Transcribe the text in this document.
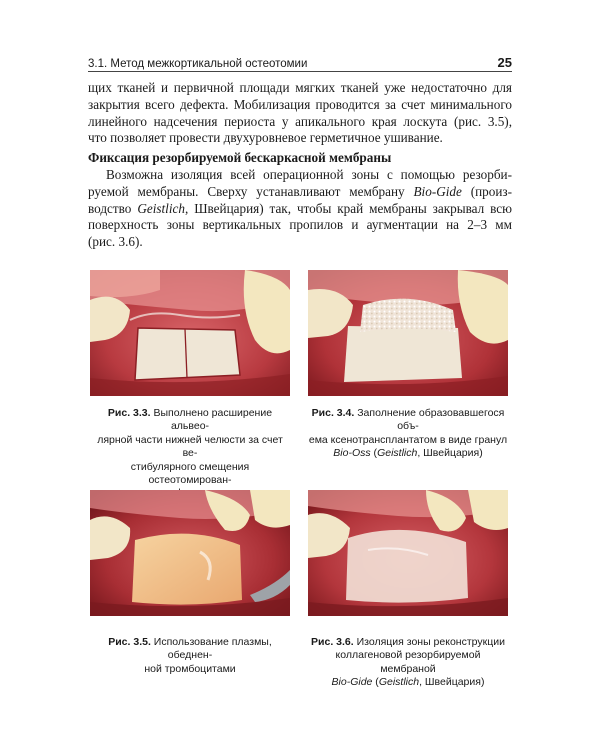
3.1. Метод межкортикальной остеотомии	25
щих тканей и первичной площади мягких тканей уже недостаточно для
закрытия всего дефекта. Мобилизация проводится за счет минимального
линейного надсечения периоста у апикального края лоскута (рис. 3.5),
что позволяет провести двухуровневое герметичное ушивание.
Фиксация резорбируемой бескаркасной мембраны
Возможна изоляция всей операционной зоны с помощью резорби-
руемой мембраны. Сверху устанавливают мембрану Bio-Gide (произ-
водство Geistlich, Швейцария) так, чтобы край мембраны закрывал всю
поверхность зоны вертикальных пропилов и аугментации на 2–3 мм
(рис. 3.6).
Рис. 3.3. Выполнено расширение альвео-
лярной части нижней челюсти за счет ве-
стибулярного смещения остеотомирован-

Рис. 3.4. Заполнение образовавшегося объ-
ема ксенотрансплантатом в виде гранул
Bio-Oss (Geistlich, Швейцария)
Рис. 3.5. Использование плазмы, обеднен-
ной тромбоцитами
Рис. 3.6. Изоляция зоны реконструкции
коллагеновой резорбируемой мембраной
Bio-Gide (Geistlich, Швейцария)
